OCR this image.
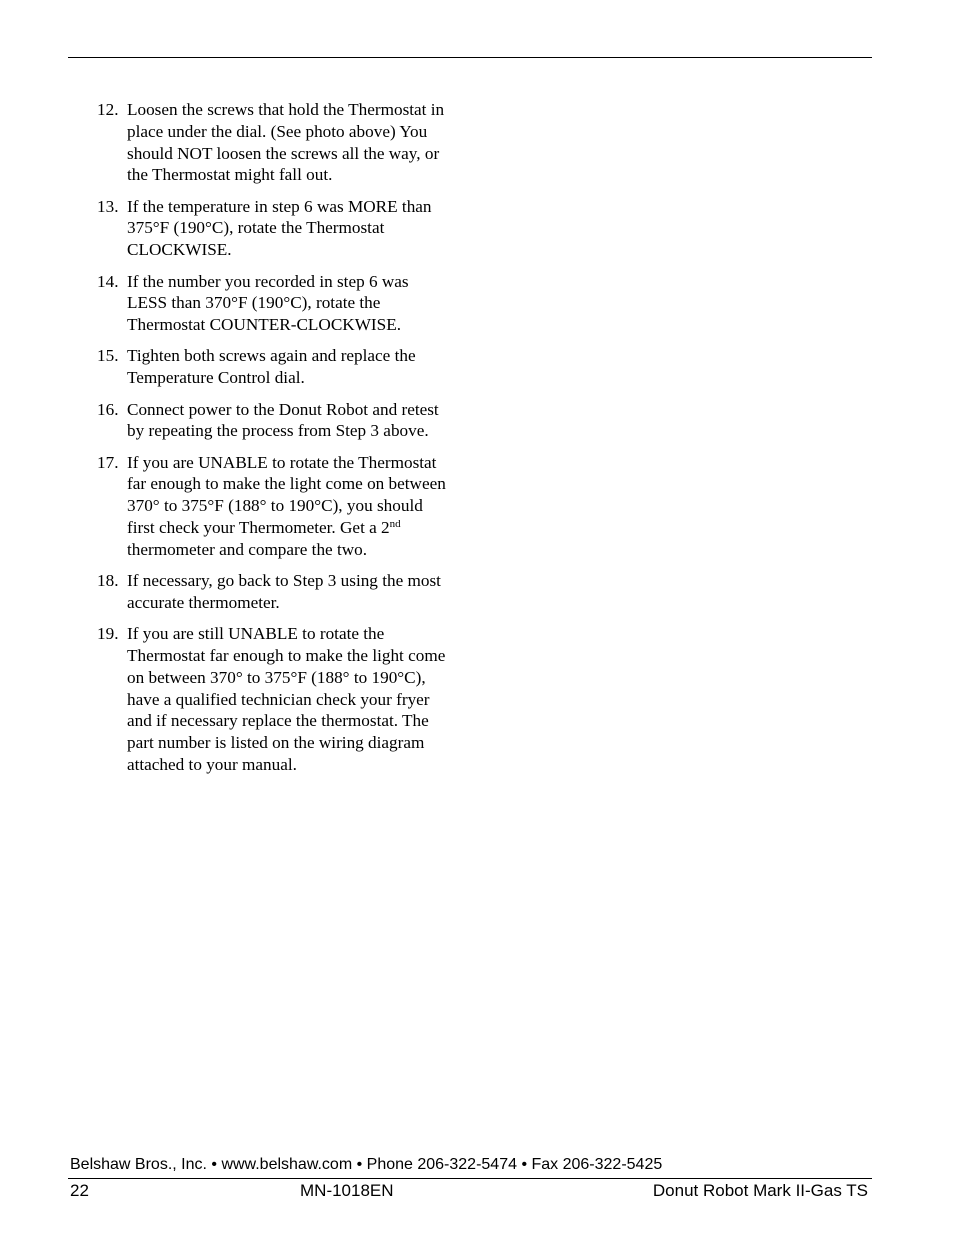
12. Loosen the screws that hold the Thermostat in place under the dial. (See photo above) You should NOT loosen the screws all the way, or the Thermostat might fall out.
13. If the temperature in step 6 was MORE than 375°F (190°C), rotate the Thermostat CLOCKWISE.
14. If the number you recorded in step 6 was LESS than 370°F (190°C), rotate the Thermostat COUNTER-CLOCKWISE.
15. Tighten both screws again and replace the Temperature Control dial.
16. Connect power to the Donut Robot and retest by repeating the process from Step 3 above.
17. If you are UNABLE to rotate the Thermostat far enough to make the light come on between 370° to 375°F (188° to 190°C), you should first check your Thermometer. Get a 2nd thermometer and compare the two.
18. If necessary, go back to Step 3 using the most accurate thermometer.
19. If you are still UNABLE to rotate the Thermostat far enough to make the light come on between 370° to 375°F (188° to 190°C), have a qualified technician check your fryer and if necessary replace the thermostat. The part number is listed on the wiring diagram attached to your manual.
Belshaw Bros., Inc. • www.belshaw.com • Phone 206-322-5474 • Fax 206-322-5425
22	MN-1018EN	Donut Robot Mark II-Gas TS
